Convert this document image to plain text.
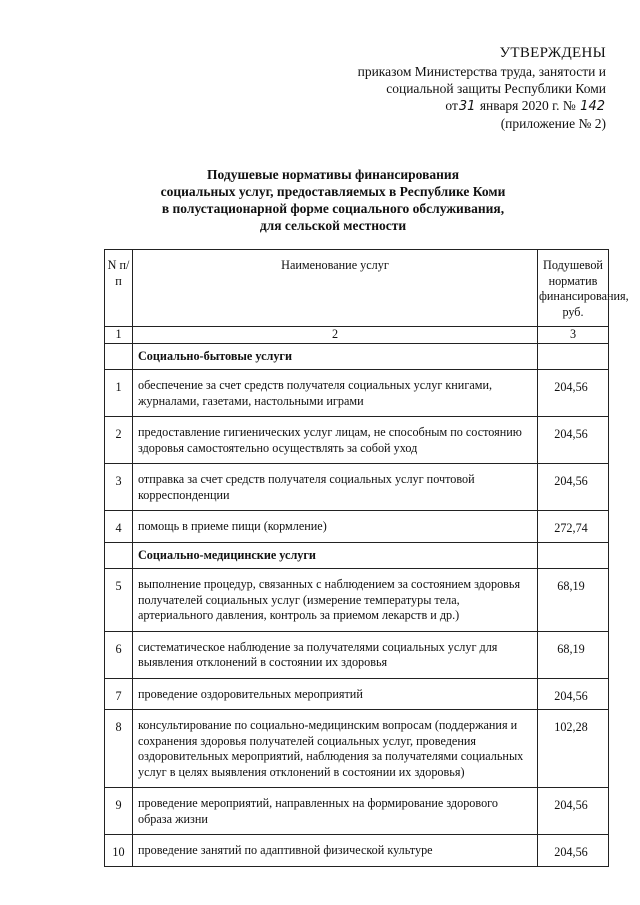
УТВЕРЖДЕНЫ
приказом Министерства труда, занятости и
социальной защиты Республики Коми
от31 января 2020 г. № 142
(приложение № 2)
Подушевые нормативы финансирования
социальных услуг, предоставляемых в Республике Коми
в полустационарной форме социального обслуживания,
для сельской местности
N п/п	Наименование услуг	Подушевой норматив финансирования, руб.
1	2	3
	Социально-бытовые услуги	
1	обеспечение за счет средств получателя социальных услуг книгами, журналами, газетами, настольными играми	204,56
2	предоставление гигиенических услуг лицам, не способным по состоянию здоровья самостоятельно осуществлять за собой уход	204,56
3	отправка за счет средств получателя социальных услуг почтовой корреспонденции	204,56
4	помощь в приеме пищи (кормление)	272,74
	Социально-медицинские услуги	
5	выполнение процедур, связанных с наблюдением за состоянием здоровья получателей социальных услуг (измерение температуры тела, артериального давления, контроль за приемом лекарств и др.)	68,19
6	систематическое наблюдение за получателями социальных услуг для выявления отклонений в состоянии их здоровья	68,19
7	проведение оздоровительных мероприятий	204,56
8	консультирование по социально-медицинским вопросам (поддержания и сохранения здоровья получателей социальных услуг, проведения оздоровительных мероприятий, наблюдения за получателями социальных услуг в целях выявления отклонений в состоянии их здоровья)	102,28
9	проведение мероприятий, направленных на формирование здорового образа жизни	204,56
10	проведение занятий по адаптивной физической культуре	204,56
